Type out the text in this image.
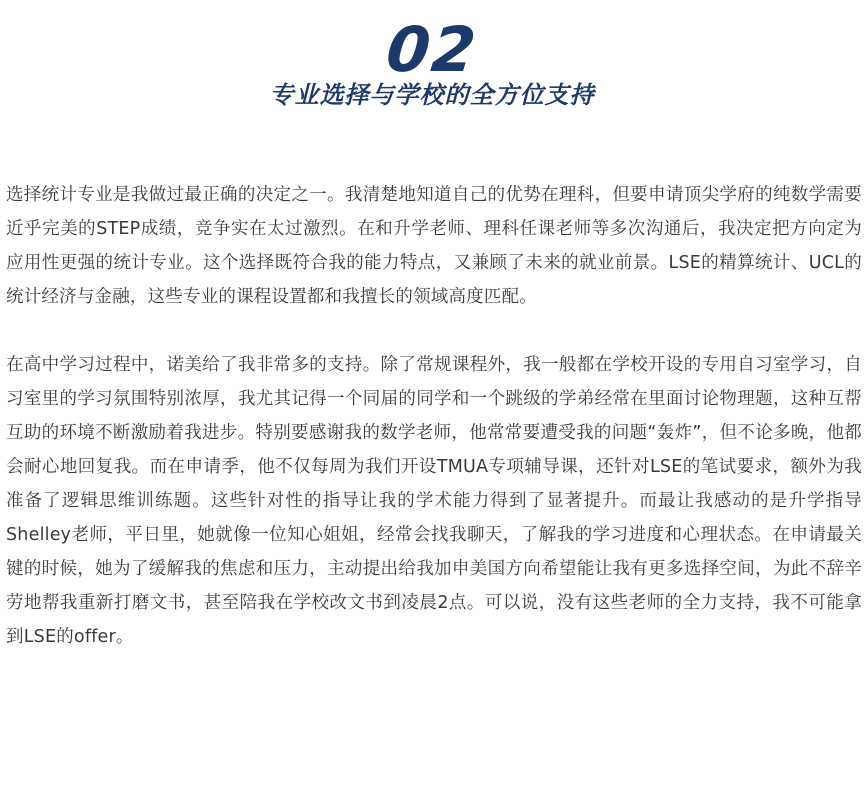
02
专业选择与学校的全方位支持

选择统计专业是我做过最正确的决定之一。我清楚地知道自己的优势在理科，但要申请顶尖学府的纯数学需要近乎完美的STEP成绩，竞争实在太过激烈。在和升学老师、理科任课老师等多次沟通后，我决定把方向定为应用性更强的统计专业。这个选择既符合我的能力特点，又兼顾了未来的就业前景。LSE的精算统计、UCL的统计经济与金融，这些专业的课程设置都和我擅长的领域高度匹配。

在高中学习过程中，诺美给了我非常多的支持。除了常规课程外，我一般都在学校开设的专用自习室学习，自习室里的学习氛围特别浓厚，我尤其记得一个同届的同学和一个跳级的学弟经常在里面讨论物理题，这种互帮互助的环境不断激励着我进步。特别要感谢我的数学老师，他常常要遭受我的问题“轰炸”，但不论多晚，他都会耐心地回复我。而在申请季，他不仅每周为我们开设TMUA专项辅导课，还针对LSE的笔试要求，额外为我准备了逻辑思维训练题。这些针对性的指导让我的学术能力得到了显著提升。而最让我感动的是升学指导Shelley老师，平日里，她就像一位知心姐姐，经常会找我聊天，了解我的学习进度和心理状态。在申请最关键的时候，她为了缓解我的焦虑和压力，主动提出给我加申美国方向希望能让我有更多选择空间，为此不辞辛劳地帮我重新打磨文书，甚至陪我在学校改文书到凌晨2点。可以说，没有这些老师的全力支持，我不可能拿到LSE的offer。
